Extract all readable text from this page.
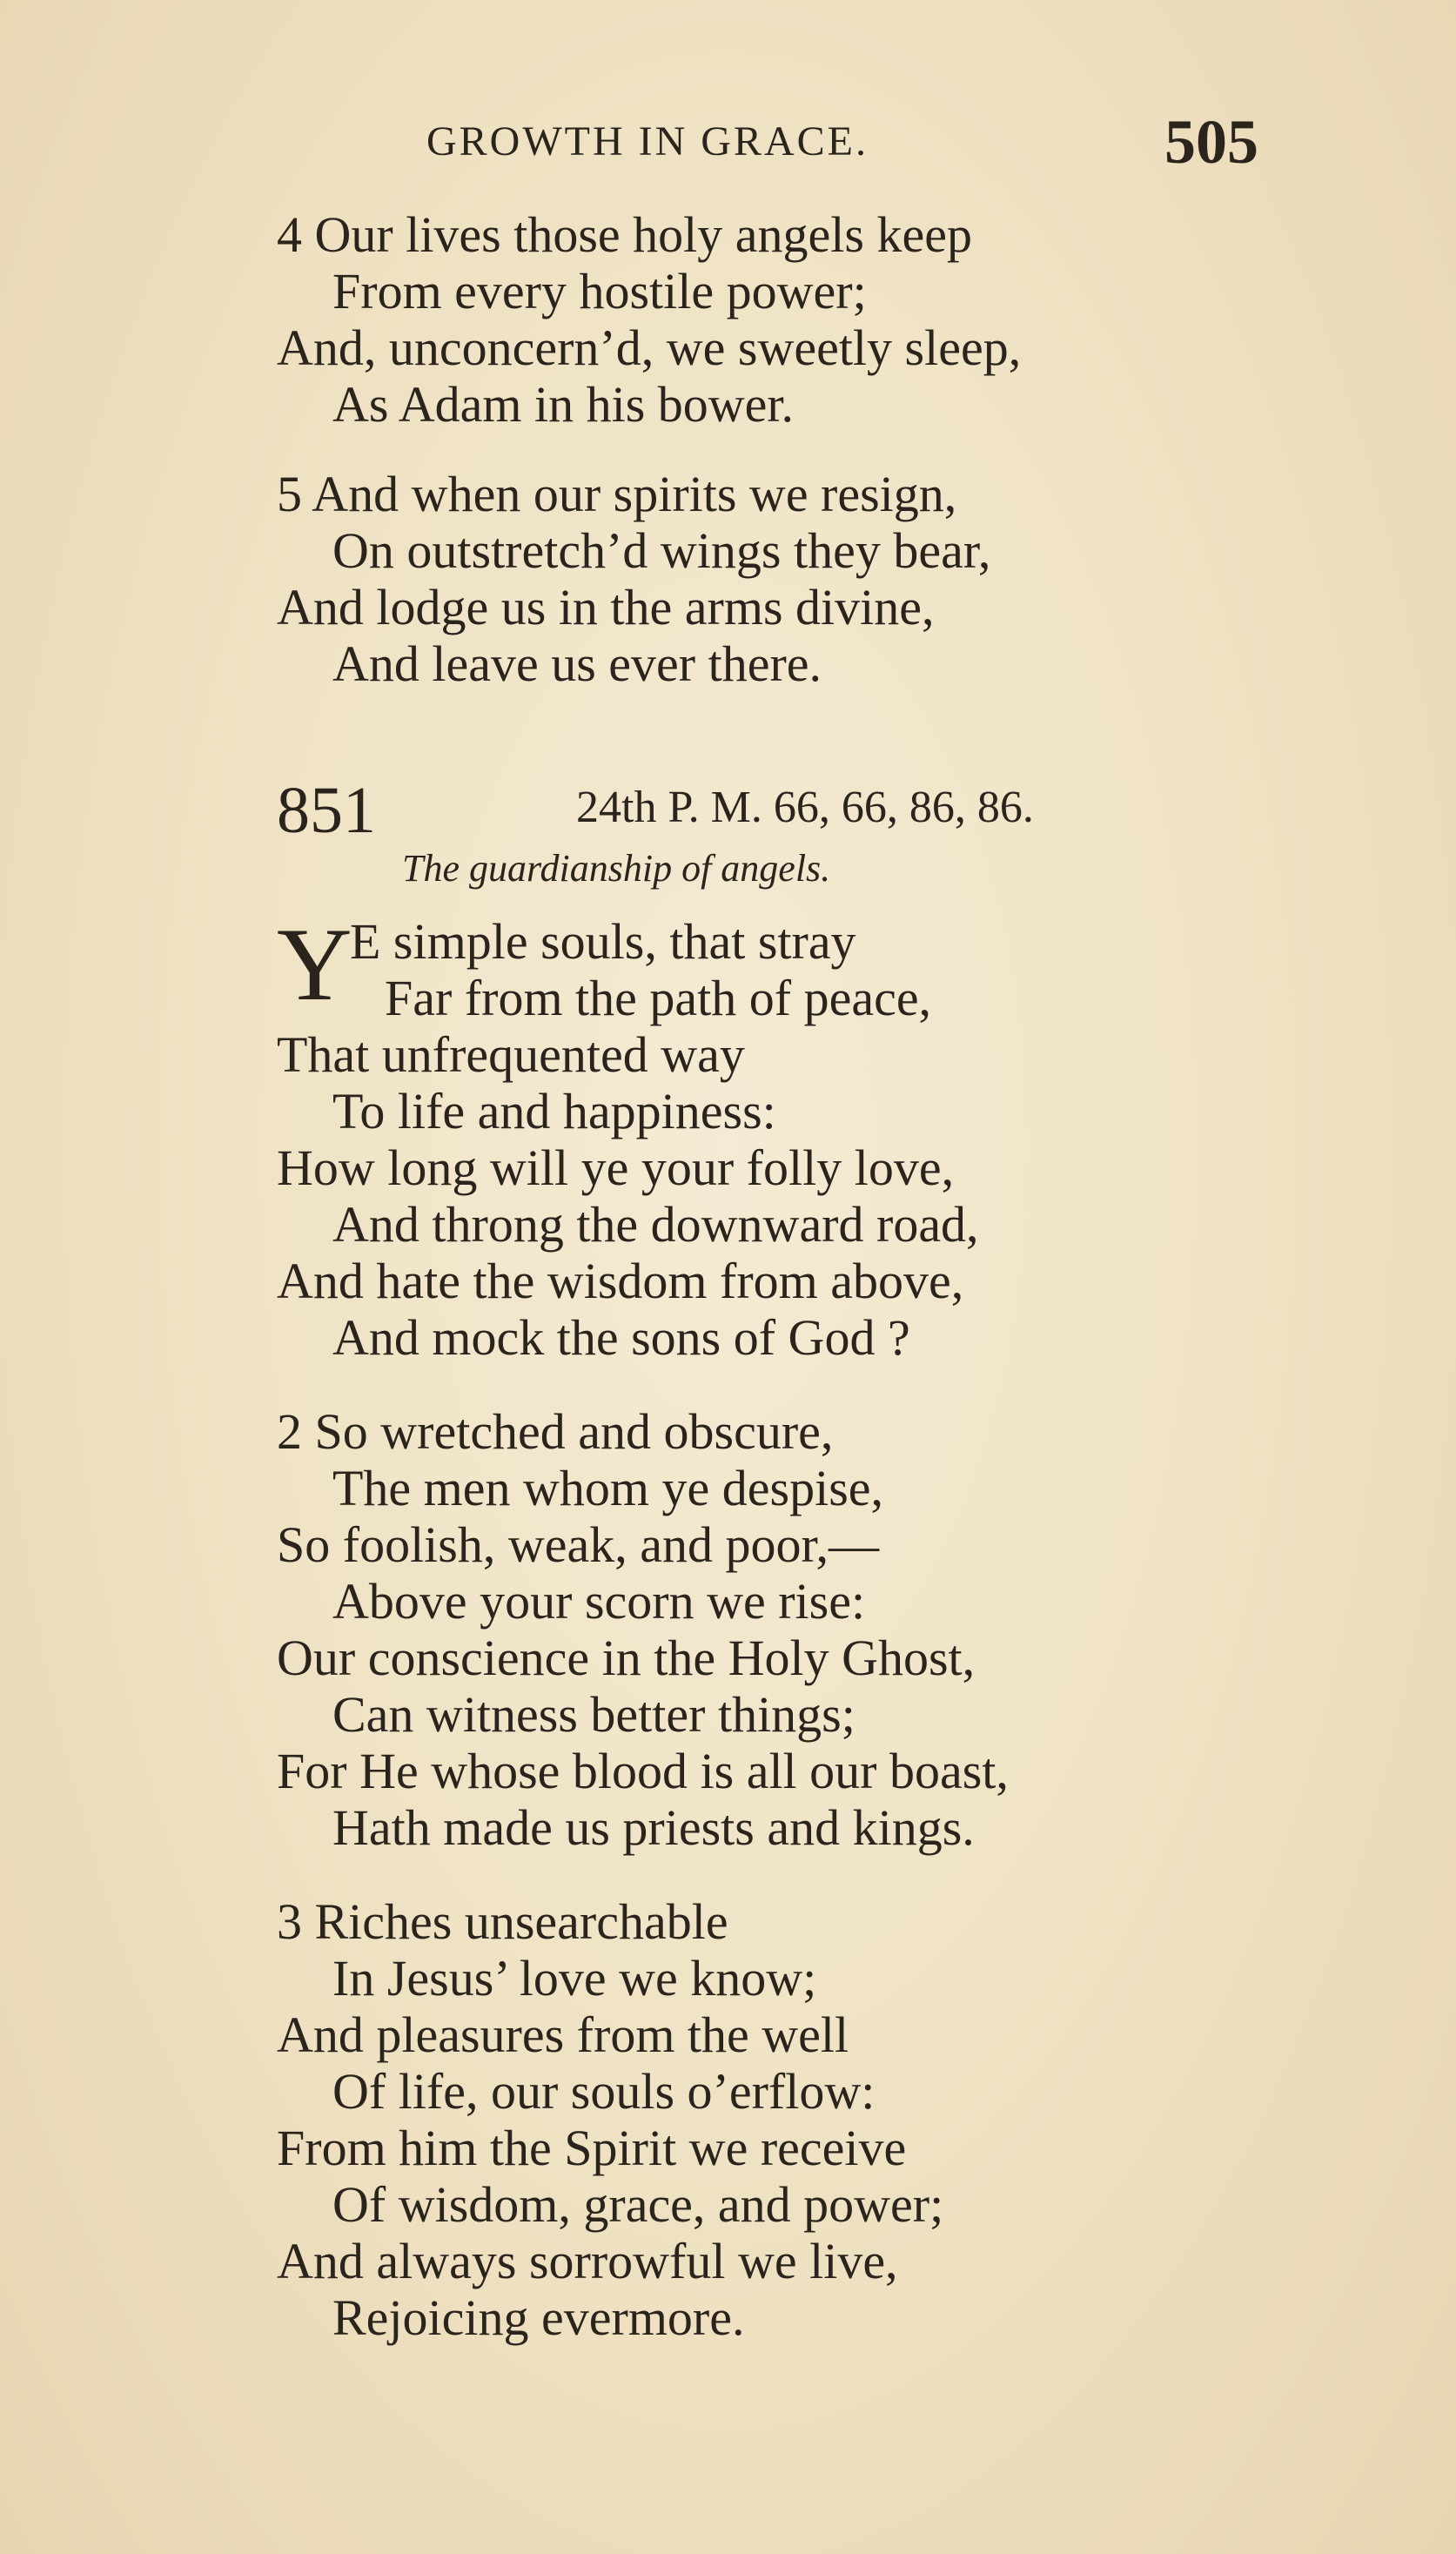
GROWTH IN GRACE.	505
4 Our lives those holy angels keep
From every hostile power;
And, unconcern’d, we sweetly sleep,
As Adam in his bower.
5 And when our spirits we resign,
On outstretch’d wings they bear,
And lodge us in the arms divine,
And leave us ever there.
851	24th P. M. 66, 66, 86, 86.
The guardianship of angels.
Y
E simple souls, that stray
Far from the path of peace,
That unfrequented way
To life and happiness:
How long will ye your folly love,
And throng the downward road,
And hate the wisdom from above,
And mock the sons of God ?
2 So wretched and obscure,
The men whom ye despise,
So foolish, weak, and poor,—
Above your scorn we rise:
Our conscience in the Holy Ghost,
Can witness better things;
For He whose blood is all our boast,
Hath made us priests and kings.
3 Riches unsearchable
In Jesus’ love we know;
And pleasures from the well
Of life, our souls o’erflow:
From him the Spirit we receive
Of wisdom, grace, and power;
And always sorrowful we live,
Rejoicing evermore.
